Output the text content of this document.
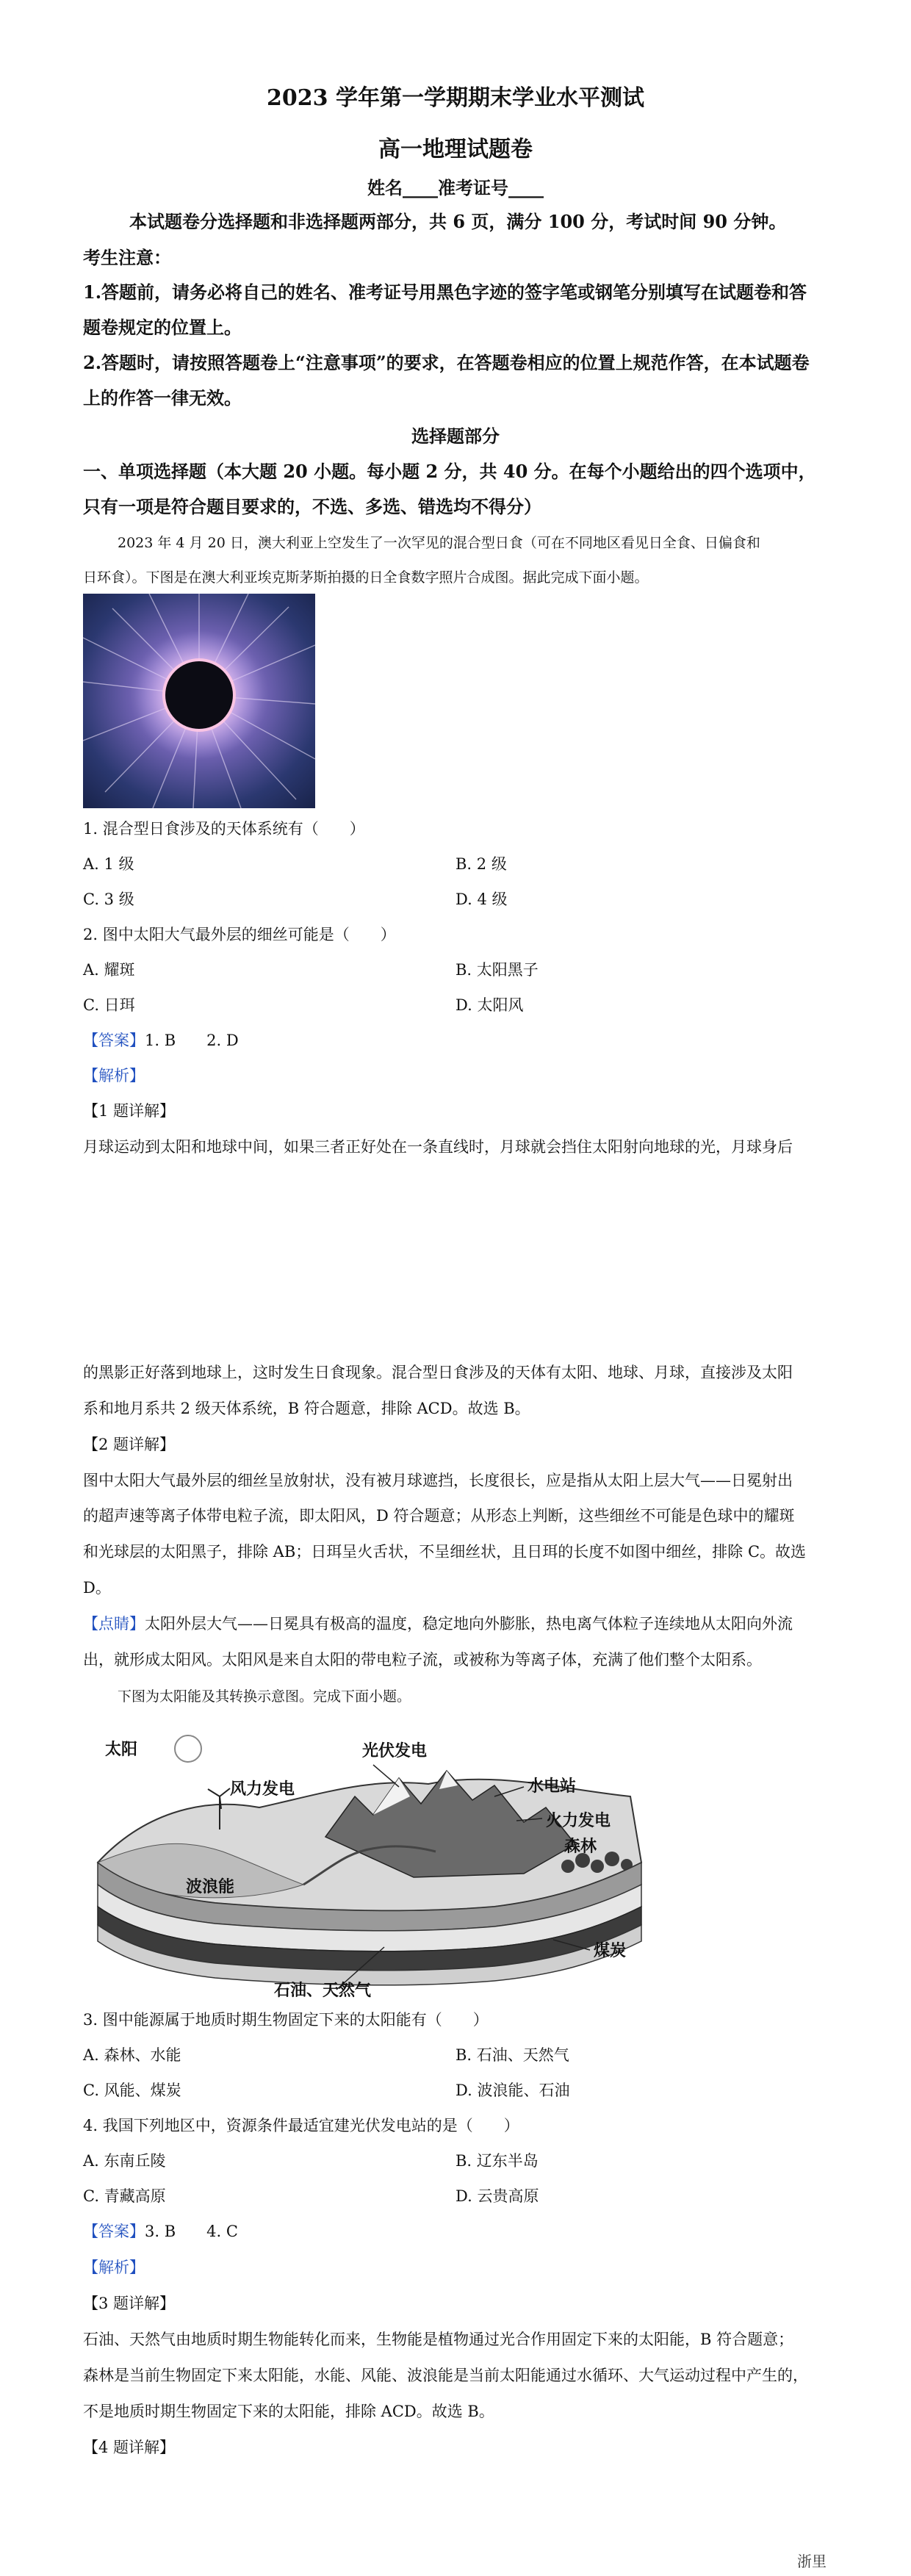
2023 学年第一学期期末学业水平测试
高一地理试题卷
姓名____准考证号____
本试题卷分选择题和非选择题两部分，共 6 页，满分 100 分，考试时间 90 分钟。
考生注意：
1.答题前，请务必将自己的姓名、准考证号用黑色字迹的签字笔或钢笔分别填写在试题卷和答
题卷规定的位置上。
2.答题时，请按照答题卷上“注意事项”的要求，在答题卷相应的位置上规范作答，在本试题卷
上的作答一律无效。
选择题部分
一、单项选择题（本大题 20 小题。每小题 2 分，共 40 分。在每个小题给出的四个选项中，
只有一项是符合题目要求的，不选、多选、错选均不得分）
2023 年 4 月 20 日，澳大利亚上空发生了一次罕见的混合型日食（可在不同地区看见日全食、日偏食和
日环食）。下图是在澳大利亚埃克斯茅斯拍摄的日全食数字照片合成图。据此完成下面小题。
1. 混合型日食涉及的天体系统有（　　）
A. 1 级	B. 2 级
C. 3 级	D. 4 级
2. 图中太阳大气最外层的细丝可能是（　　）
A. 耀斑	B. 太阳黑子
C. 日珥	D. 太阳风
【答案】1. B　　2. D
【解析】
【1 题详解】
月球运动到太阳和地球中间，如果三者正好处在一条直线时，月球就会挡住太阳射向地球的光，月球身后
的黑影正好落到地球上，这时发生日食现象。混合型日食涉及的天体有太阳、地球、月球，直接涉及太阳
系和地月系共 2 级天体系统，B 符合题意，排除 ACD。故选 B。
【2 题详解】
图中太阳大气最外层的细丝呈放射状，没有被月球遮挡，长度很长，应是指从太阳上层大气——日冕射出
的超声速等离子体带电粒子流，即太阳风，D 符合题意；从形态上判断，这些细丝不可能是色球中的耀斑
和光球层的太阳黑子，排除 AB；日珥呈火舌状，不呈细丝状，且日珥的长度不如图中细丝，排除 C。故选
D。
【点睛】太阳外层大气——日冕具有极高的温度，稳定地向外膨胀，热电离气体粒子连续地从太阳向外流
出，就形成太阳风。太阳风是来自太阳的带电粒子流，或被称为等离子体，充满了他们整个太阳系。
下图为太阳能及其转换示意图。完成下面小题。
太阳	光伏发电
风力发电	水电站
火力发电
森林
波浪能
煤炭
石油、天然气
3. 图中能源属于地质时期生物固定下来的太阳能有（　　）
A. 森林、水能	B. 石油、天然气
C. 风能、煤炭	D. 波浪能、石油
4. 我国下列地区中，资源条件最适宜建光伏发电站的是（　　）
A. 东南丘陵	B. 辽东半岛
C. 青藏高原	D. 云贵高原
【答案】3. B　　4. C
【解析】
【3 题详解】
石油、天然气由地质时期生物能转化而来，生物能是植物通过光合作用固定下来的太阳能，B 符合题意；
森林是当前生物固定下来太阳能，水能、风能、波浪能是当前太阳能通过水循环、大气运动过程中产生的，
不是地质时期生物固定下来的太阳能，排除 ACD。故选 B。
【4 题详解】
浙里
